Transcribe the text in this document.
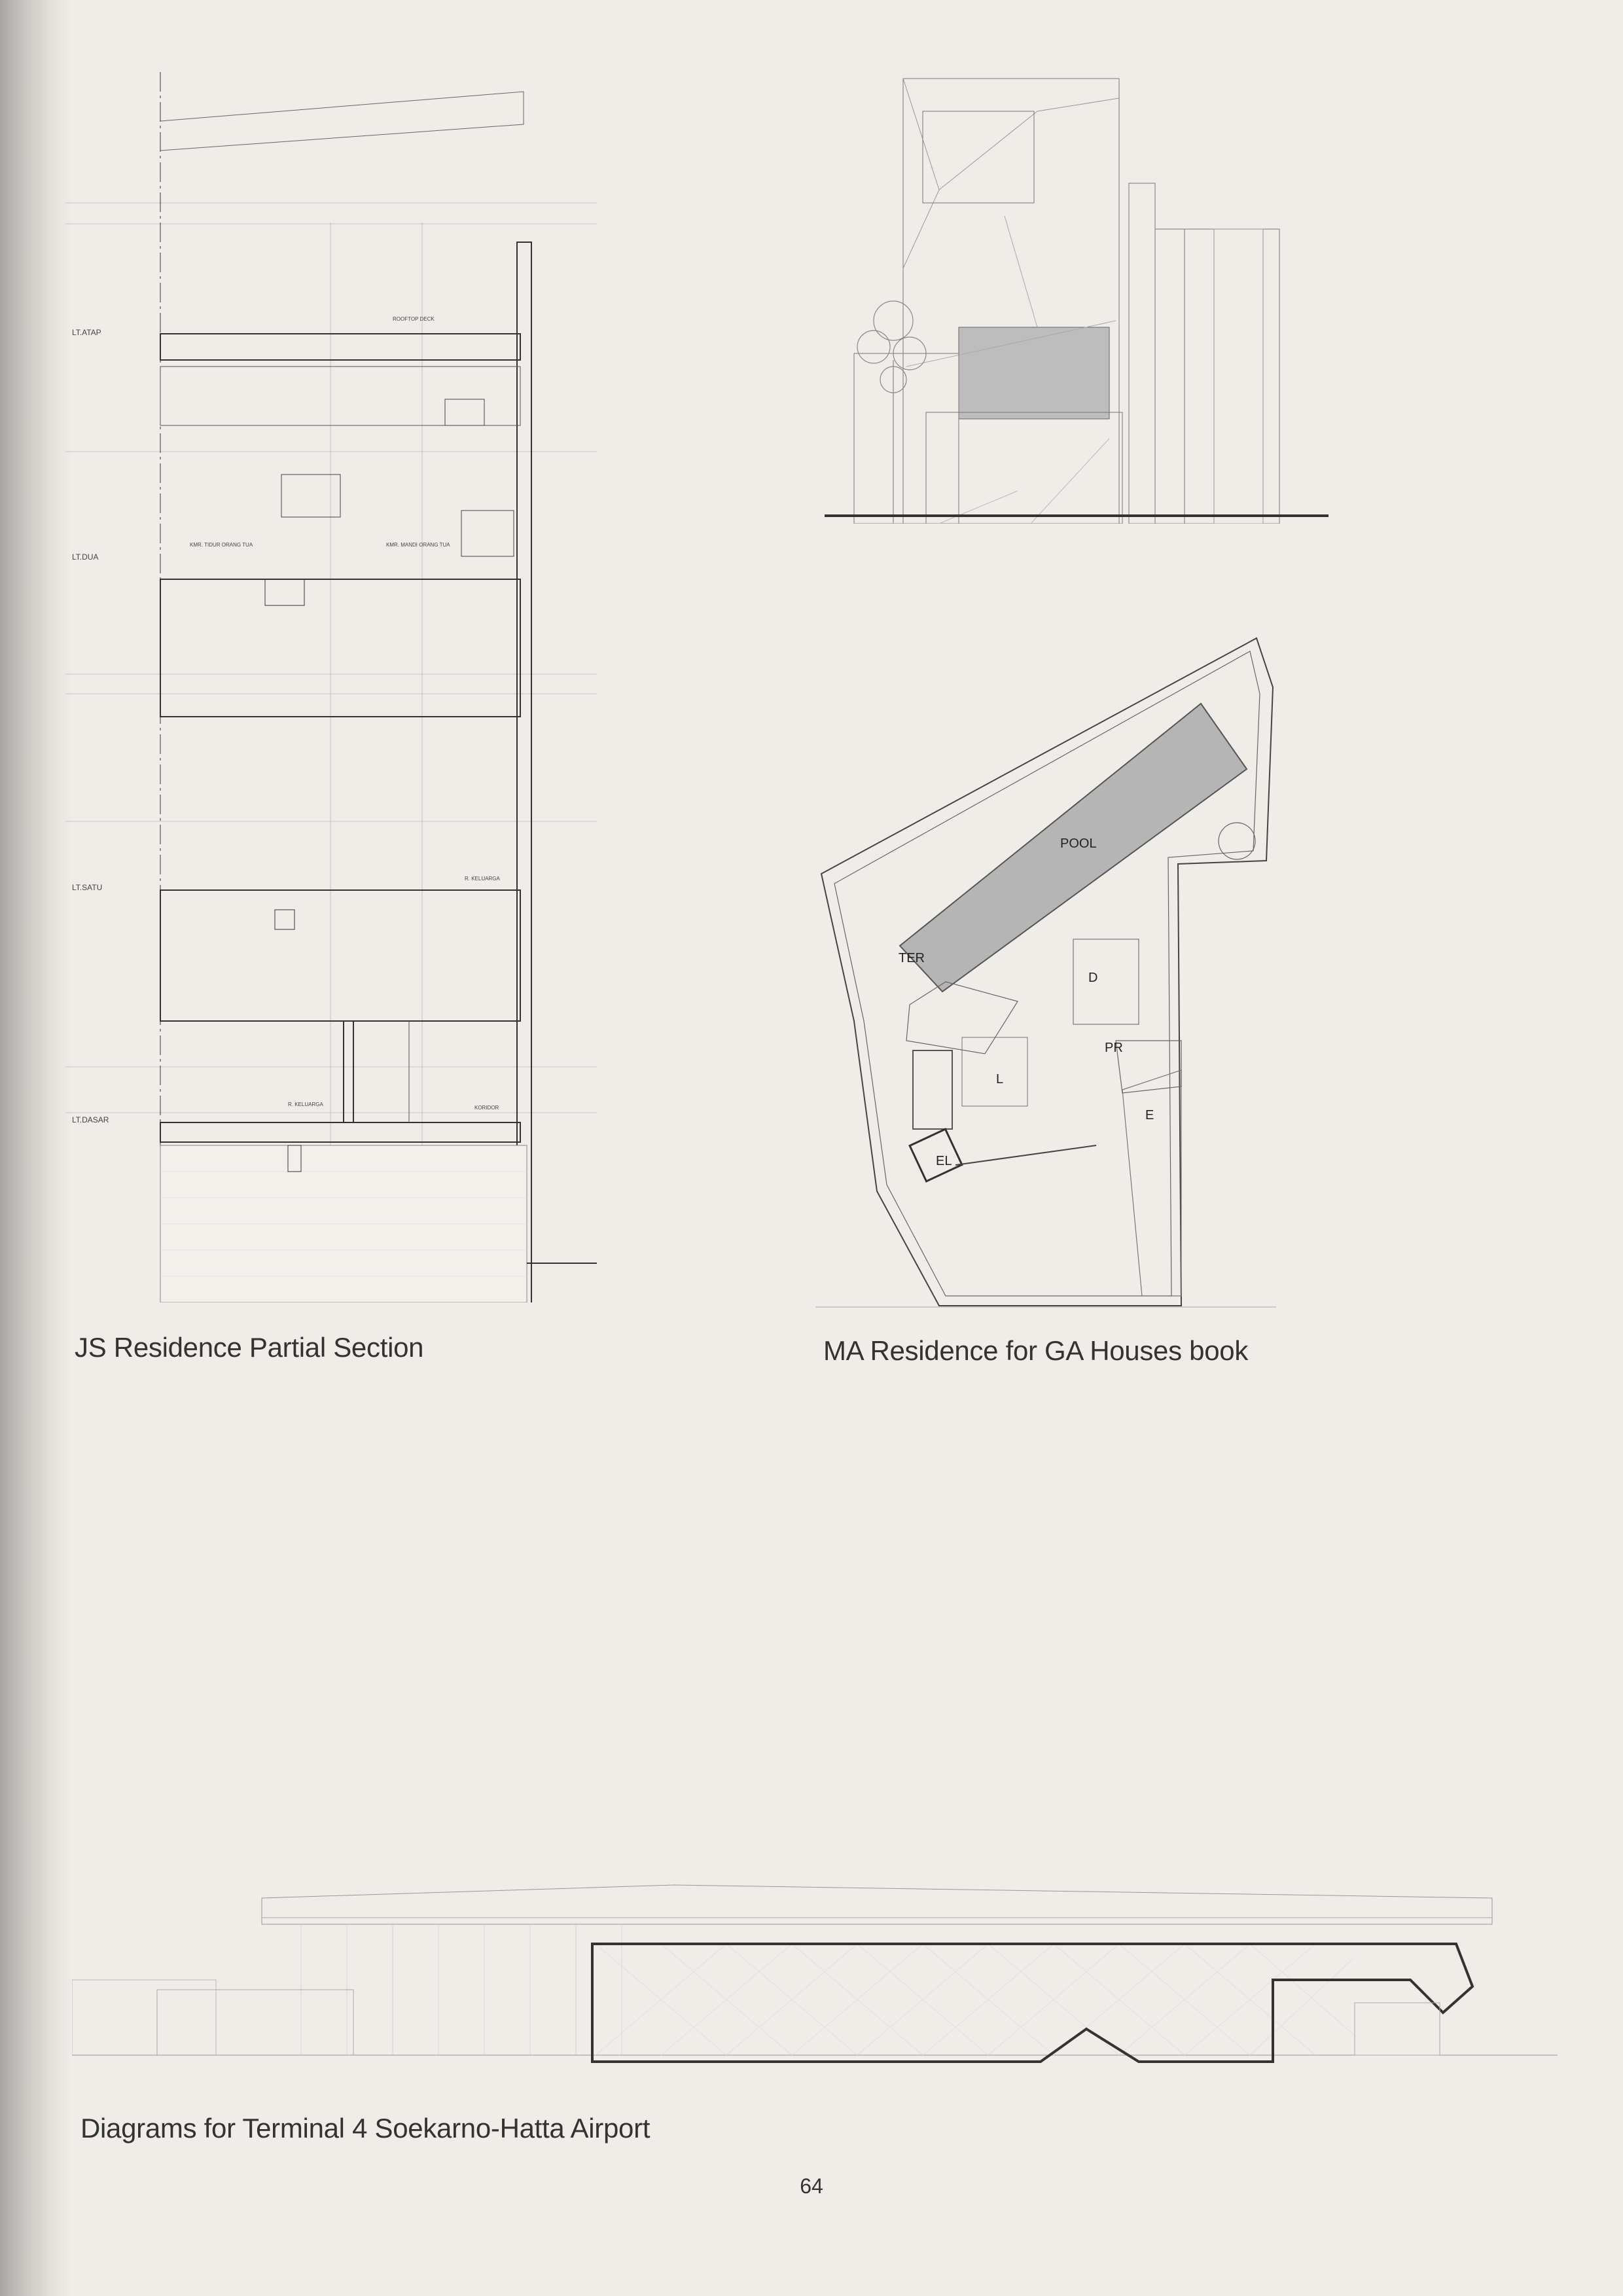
LT.ATAP
LT.DUA
LT.SATU
LT.DASAR
ROOFTOP DECK
KMR. TIDUR ORANG TUA	KMR. MANDI ORANG TUA
R. KELUARGA
R. KELUARGA
KORIDOR
JS Residence Partial Section
POOL
TER
D
PR
L
E
EL
MA Residence for GA Houses book
Diagrams for Terminal 4 Soekarno-Hatta Airport
64
